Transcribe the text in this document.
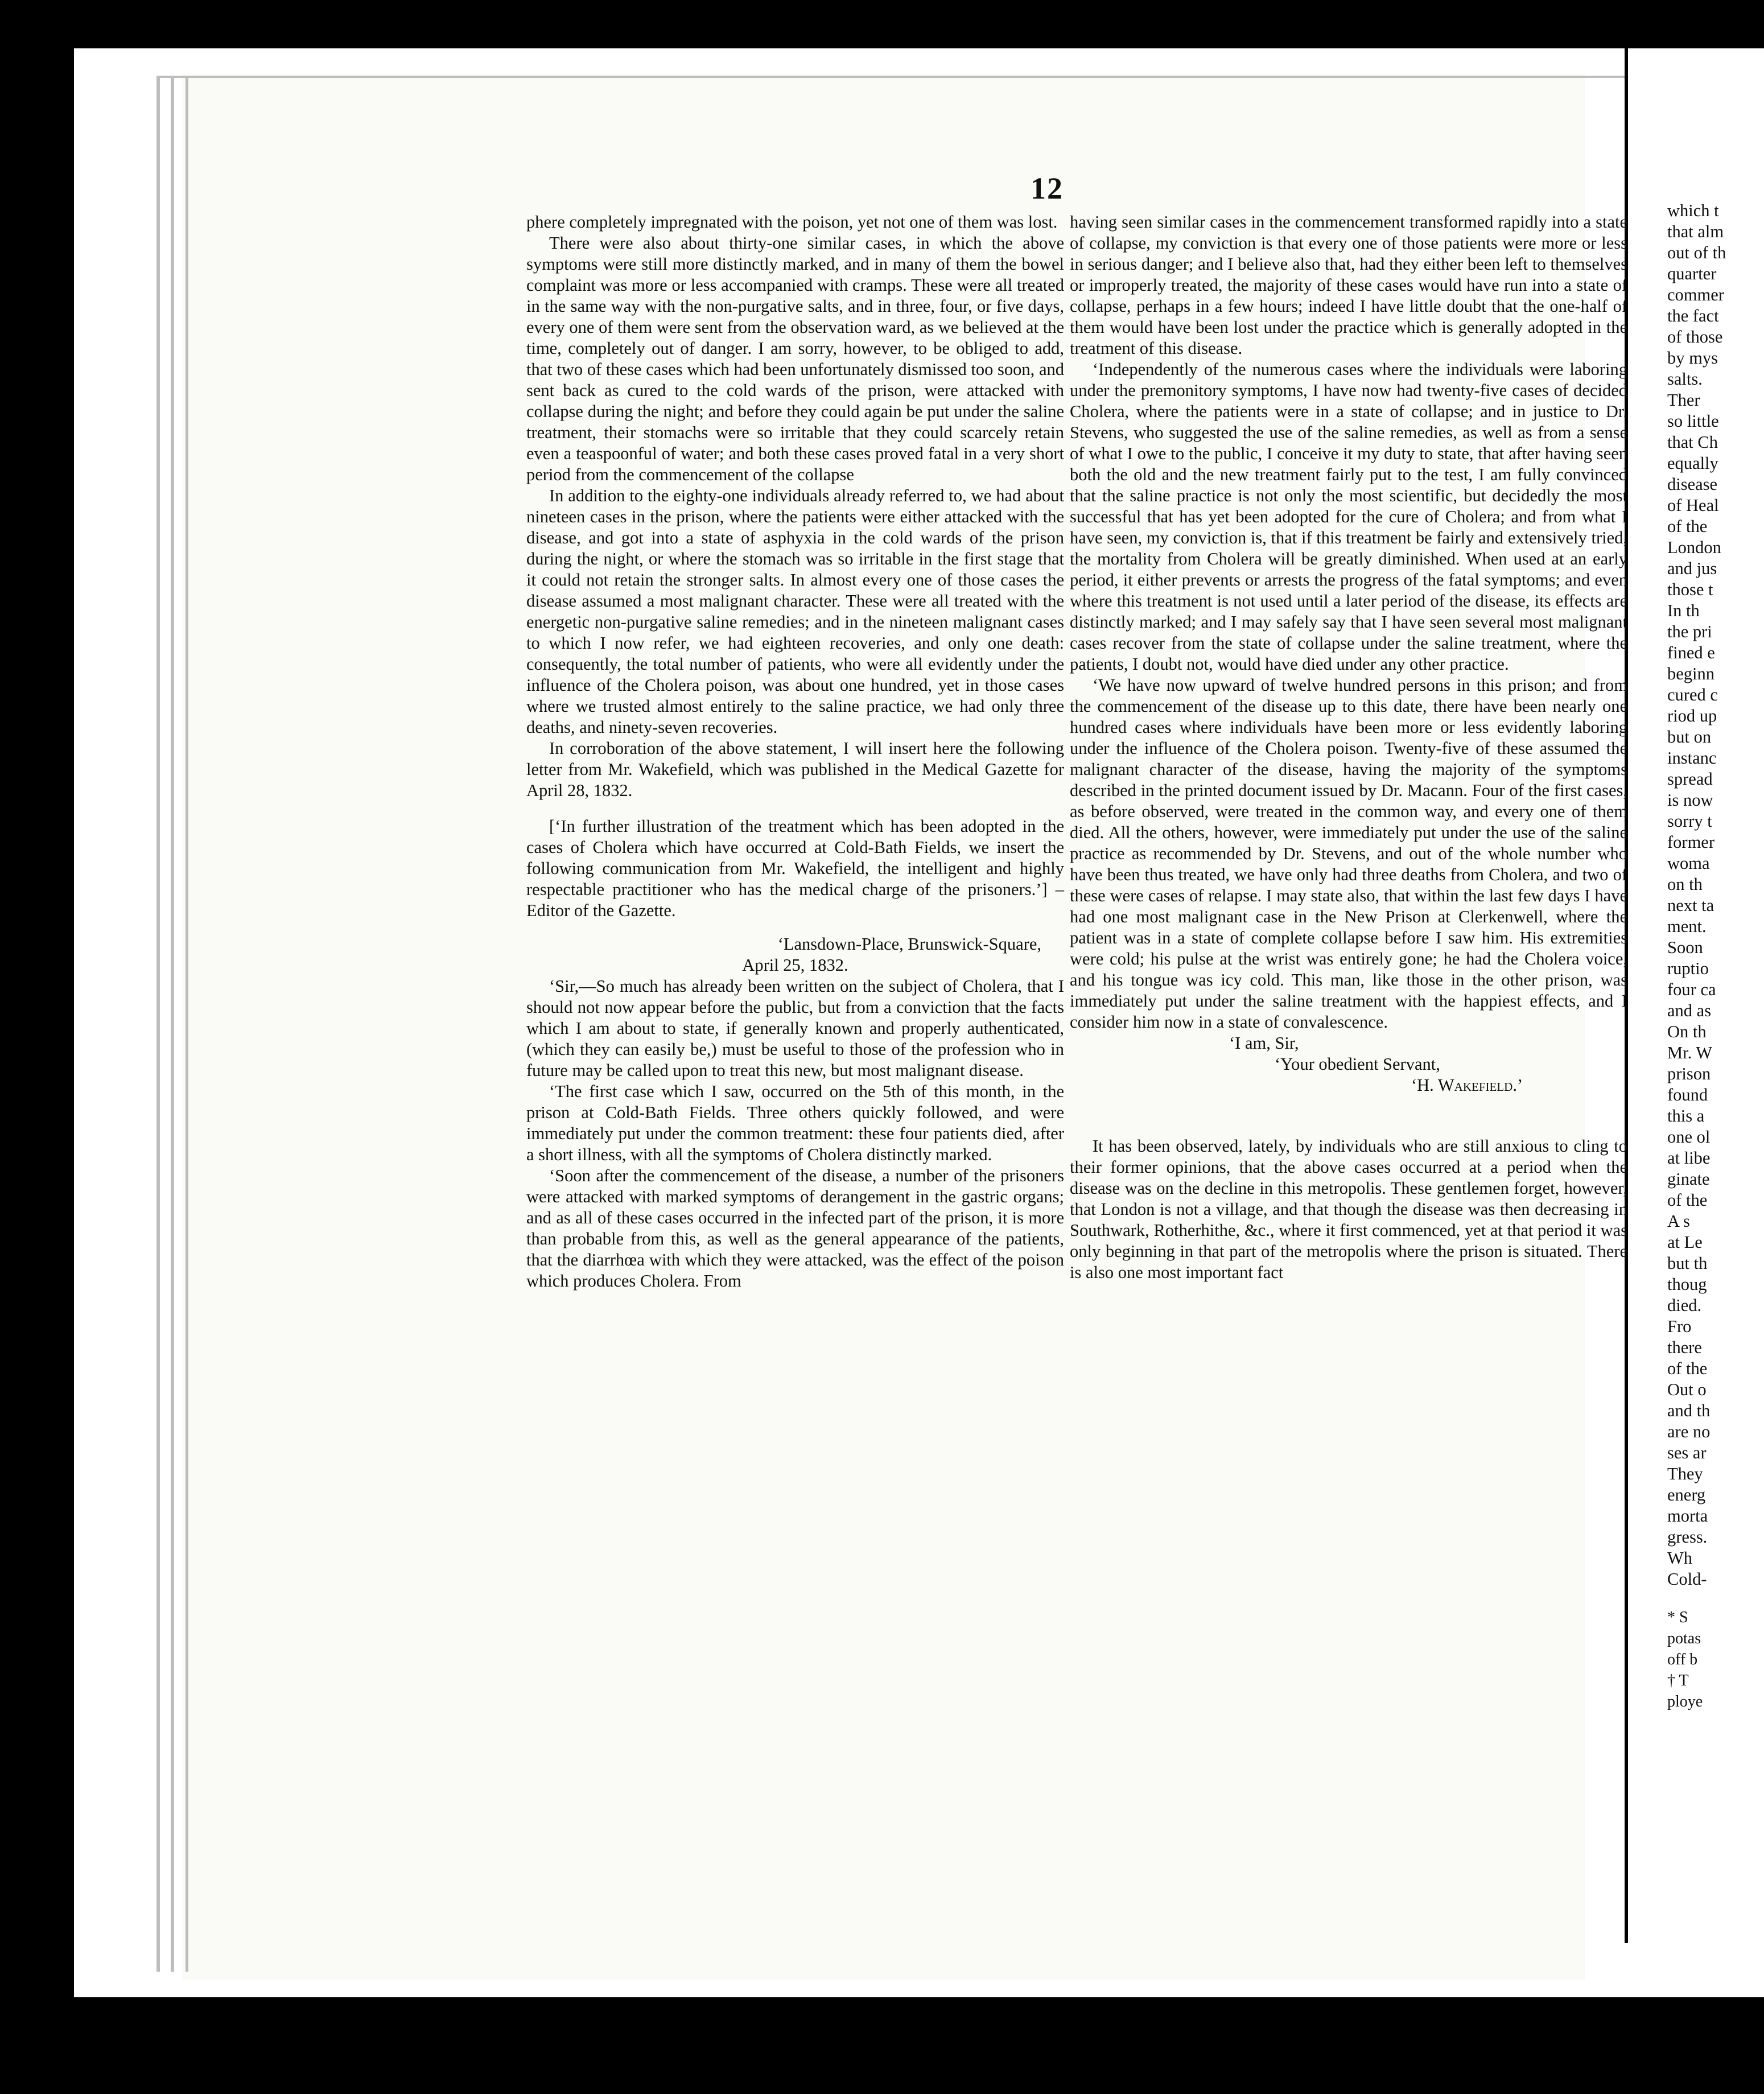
12

phere completely impregnated with the poison, yet not one of them was lost.

There were also about thirty-one similar cases, in which the above symptoms were still more distinctly marked, and in many of them the bowel complaint was more or less accompanied with cramps. These were all treated in the same way with the non-purgative salts, and in three, four, or five days, every one of them were sent from the observation ward, as we believed at the time, completely out of danger. I am sorry, however, to be obliged to add, that two of these cases which had been unfortunately dismissed too soon, and sent back as cured to the cold wards of the prison, were attacked with collapse during the night; and before they could again be put under the saline treatment, their stomachs were so irritable that they could scarcely retain even a teaspoonful of water; and both these cases proved fatal in a very short period from the commencement of the collapse

In addition to the eighty-one individuals already referred to, we had about nineteen cases in the prison, where the patients were either attacked with the disease, and got into a state of asphyxia in the cold wards of the prison during the night, or where the stomach was so irritable in the first stage that it could not retain the stronger salts. In almost every one of those cases the disease assumed a most malignant character. These were all treated with the energetic non-purgative saline remedies; and in the nineteen malignant cases to which I now refer, we had eighteen recoveries, and only one death: consequently, the total number of patients, who were all evidently under the influence of the Cholera poison, was about one hundred, yet in those cases where we trusted almost entirely to the saline practice, we had only three deaths, and ninety-seven recoveries.

In corroboration of the above statement, I will insert here the following letter from Mr. Wakefield, which was published in the Medical Gazette for April 28, 1832.

[‘In further illustration of the treatment which has been adopted in the cases of Cholera which have occurred at Cold-Bath Fields, we insert the following communication from Mr. Wakefield, the intelligent and highly respectable practitioner who has the medical charge of the prisoners.’] –Editor of the Gazette.

‘Lansdown-Place, Brunswick-Square,

April 25, 1832.

‘Sir,—So much has already been written on the subject of Cholera, that I should not now appear before the public, but from a conviction that the facts which I am about to state, if generally known and properly authenticated, (which they can easily be,) must be useful to those of the profession who in future may be called upon to treat this new, but most malignant disease.

‘The first case which I saw, occurred on the 5th of this month, in the prison at Cold-Bath Fields. Three others quickly followed, and were immediately put under the common treatment: these four patients died, after a short illness, with all the symptoms of Cholera distinctly marked.

‘Soon after the commencement of the disease, a number of the prisoners were attacked with marked symptoms of derangement in the gastric organs; and as all of these cases occurred in the infected part of the prison, it is more than probable from this, as well as the general appearance of the patients, that the diarrhœa with which they were attacked, was the effect of the poison which produces Cholera. From

having seen similar cases in the commencement transformed rapidly into a state of collapse, my conviction is that every one of those patients were more or less in serious danger; and I believe also that, had they either been left to themselves or improperly treated, the majority of these cases would have run into a state of collapse, perhaps in a few hours; indeed I have little doubt that the one-half of them would have been lost under the practice which is generally adopted in the treatment of this disease.

‘Independently of the numerous cases where the individuals were laboring under the premonitory symptoms, I have now had twenty-five cases of decided Cholera, where the patients were in a state of collapse; and in justice to Dr. Stevens, who suggested the use of the saline remedies, as well as from a sense of what I owe to the public, I conceive it my duty to state, that after having seen both the old and the new treatment fairly put to the test, I am fully convinced that the saline practice is not only the most scientific, but decidedly the most successful that has yet been adopted for the cure of Cholera; and from what I have seen, my conviction is, that if this treatment be fairly and extensively tried, the mortality from Cholera will be greatly diminished. When used at an early period, it either prevents or arrests the progress of the fatal symptoms; and even where this treatment is not used until a later period of the disease, its effects are distinctly marked; and I may safely say that I have seen several most malignant cases recover from the state of collapse under the saline treatment, where the patients, I doubt not, would have died under any other practice.

‘We have now upward of twelve hundred persons in this prison; and from the commencement of the disease up to this date, there have been nearly one hundred cases where individuals have been more or less evidently laboring under the influence of the Cholera poison. Twenty-five of these assumed the malignant character of the disease, having the majority of the symptoms described in the printed document issued by Dr. Macann. Four of the first cases, as before observed, were treated in the common way, and every one of them died. All the others, however, were immediately put under the use of the saline practice as recommended by Dr. Stevens, and out of the whole number who have been thus treated, we have only had three deaths from Cholera, and two of these were cases of relapse. I may state also, that within the last few days I have had one most malignant case in the New Prison at Clerkenwell, where the patient was in a state of complete collapse before I saw him. His extremities were cold; his pulse at the wrist was entirely gone; he had the Cholera voice, and his tongue was icy cold. This man, like those in the other prison, was immediately put under the saline treatment with the happiest effects, and I consider him now in a state of convalescence.

‘I am, Sir,

‘Your obedient Servant,

‘H. Wakefield.’

It has been observed, lately, by individuals who are still anxious to cling to their former opinions, that the above cases occurred at a period when the disease was on the decline in this metropolis. These gentlemen forget, however, that London is not a village, and that though the disease was then decreasing in Southwark, Rotherhithe, &c., where it first commenced, yet at that period it was only beginning in that part of the metropolis where the prison is situated. There is also one most important fact

which t
that alm
out of th
quarter
commer
the fact
of those
by mys
salts.
Ther
so little
that Ch
equally
disease
of Heal
of the
London
and jus
those t
In th
the pri
fined e
beginn
cured c
riod up
but on
instanc
spread
is now
sorry t
former
woma
on th
next ta
ment.
Soon
ruptio
four ca
and as
On th
Mr. W
prison
found
this a
one ol
at libe
ginate
of the
A s
at Le
but th
thoug
died.
Fro
there
of the
Out o
and th
are no
ses ar
They
energ
morta
gress.
Wh
Cold-
* S
potas
off b
† T
ploye
